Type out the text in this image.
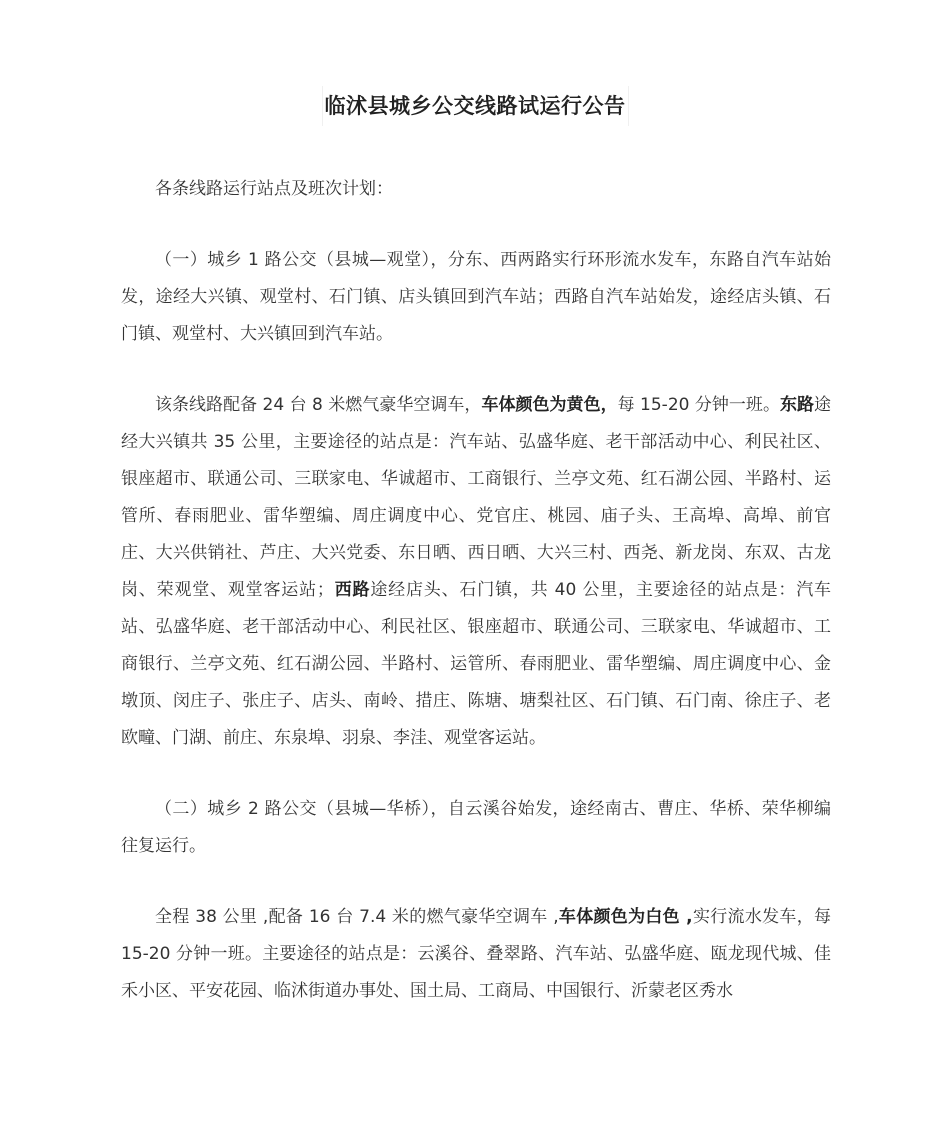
临沭县城乡公交线路试运行公告

各条线路运行站点及班次计划：

（一）城乡 1 路公交（县城—观堂），分东、西两路实行环形流水发车，东路自汽车站始发，途经大兴镇、观堂村、石门镇、店头镇回到汽车站；西路自汽车站始发，途经店头镇、石门镇、观堂村、大兴镇回到汽车站。

该条线路配备 24 台 8 米燃气豪华空调车，车体颜色为黄色，每 15-20 分钟一班。东路途经大兴镇共 35 公里，主要途径的站点是：汽车站、弘盛华庭、老干部活动中心、利民社区、银座超市、联通公司、三联家电、华诚超市、工商银行、兰亭文苑、红石湖公园、半路村、运管所、春雨肥业、雷华塑编、周庄调度中心、党官庄、桃园、庙子头、王高埠、高埠、前官庄、大兴供销社、芦庄、大兴党委、东日晒、西日晒、大兴三村、西尧、新龙岗、东双、古龙岗、荣观堂、观堂客运站；西路途经店头、石门镇，共 40 公里，主要途径的站点是：汽车站、弘盛华庭、老干部活动中心、利民社区、银座超市、联通公司、三联家电、华诚超市、工商银行、兰亭文苑、红石湖公园、半路村、运管所、春雨肥业、雷华塑编、周庄调度中心、金墩顶、闵庄子、张庄子、店头、南岭、措庄、陈塘、塘梨社区、石门镇、石门南、徐庄子、老欧疃、门湖、前庄、东泉埠、羽泉、李洼、观堂客运站。

（二）城乡 2 路公交（县城—华桥），自云溪谷始发，途经南古、曹庄、华桥、荣华柳编往复运行。

全程 38 公里 ,配备 16 台 7.4 米的燃气豪华空调车 ,车体颜色为白色 ,实行流水发车，每 15-20 分钟一班。主要途径的站点是：云溪谷、叠翠路、汽车站、弘盛华庭、瓯龙现代城、佳禾小区、平安花园、临沭街道办事处、国土局、工商局、中国银行、沂蒙老区秀水
